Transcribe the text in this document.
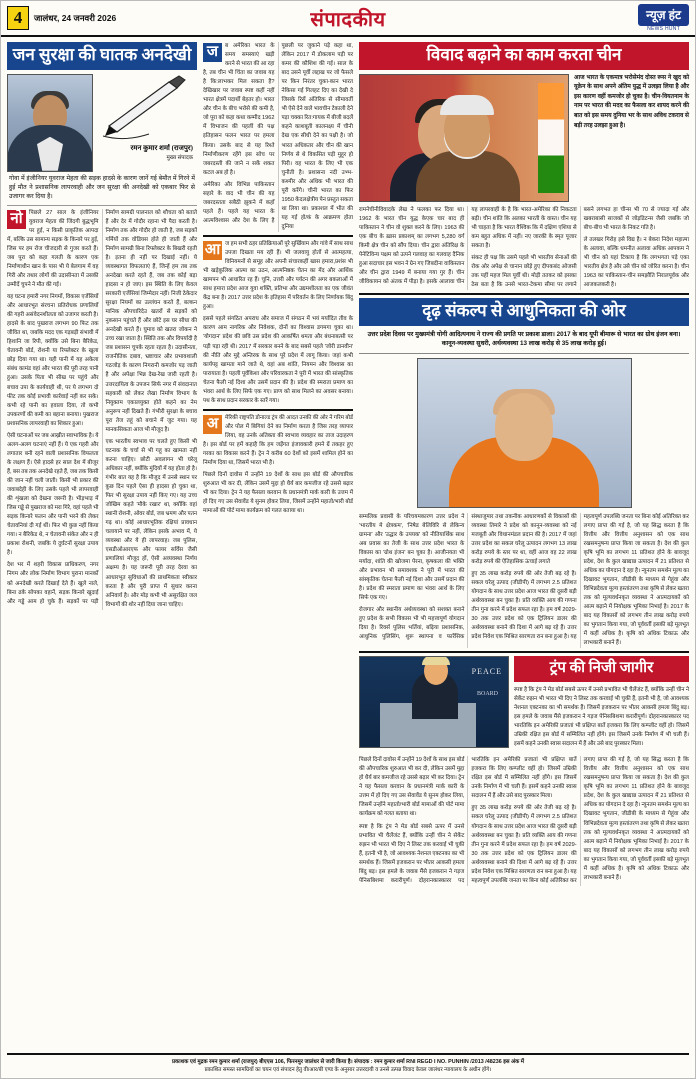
4	जालंधर, 24 जनवरी 2026	संपादकीय	न्यूज़ हंट
NEWS HUNT
जन सुरक्षा की घातक अनदेखी
रमन कुमार शर्मा (राजपुर)
मुख्य संपादक
गोवा में इंजीनियर युवराज मेहता की सड़क हादसे के कारण जानें गई बेमौत में गिरने में हुई मौत ने प्रशासनिक लापरवाही और जन सुरक्षा की अनदेखी को एकबार फिर से उजागर कर दिया है।

नो	पिछले 27 साल के इंजीनियर युवराज मेहता की जिंदगी बुद्धभूमि पर हुई, न किसी प्राकृतिक आपदा में, बल्कि उस सामान्य सड़क के किनारे पर हुई, जिस पर हम रोज चीजदारी से गुजर करते हैं। जब पूरा को कहा गलती के कारण एक निर्माणाधीन खान के पास भी ये बेलगाम में वह गिरी और तथार लोगों की उदासीनता में उसकी उम्मीदें चुपने ने मौत की गई।

यह घटना हमारी नगर निगमों, विकास एजेंसियों और आधारभूत संरचना प्रतिरोधक प्रणालियों की गहरी असंवेदनशीलता को उजागर करती है। हादसे के बाद पुखराज लगभग 90 फिट तक जीवित था, जबकि मदद एक गड़बड़ी संभावी में हिशानि जा रिपी, क्योंकि उसे बिना बैरिकेड, चेतावनी बोर्ड, रोशनी या रिफ्लेक्टर के खुला छोड़ दिया गया था। यही पानी में यह अकेला संबंध कामंड वहां और भारत की पूरी तरह पानी हुआ। उसके पिता भी सीख पर पहुंचे और बचाव उपा के कार्यवाही थी, पर ये लगभग दो फीट तक कोई प्रभावी कार्रवाई नहीं कर सके। कभी रहे पानी का हवाला दिया, तो कभी उपकरणों की कमी का बहाना बनाया। पुखराज प्रशासनिक लापरवाही का शिकार हुआ।

ऐसी घटनाओं पर जब आख्रीत स्वाभाविक है। ये अलग-अलग घटनाएं नहीं हैं। ये एक गहरी और लगातार बनी रहने वाली प्रशासनिक विफलता के लक्षण हैं। ऐसे हादसे हर साल देश में बीजूर हैं, बस तब तक अनदेखे रहते हैं, जब तक किसी की जान नहीं चली जाती। किसी भी प्रकार की जवाबदेही के लिए उसके पहले भी लापरवाही की शृंखला को देखना जरूरी है। भीड़भाड़ में जिस गड्ढे से पुखराज को मरा गिरे, वहां पहले भी सड़क किनारे फलन और पानी भरने की लेकर चेतावनियां दी गई थीं। फिर भी कुछ नहीं किया गया। न बैरिकेड थे, न चेतावनी संकेत और न ही प्रकाश रोशनी, जबकि ये दुर्घटनों सुरक्षा उपाय है।

देश भर में शहरी विकास प्राधिकरण, नगर निगम और लोक निर्माण विभाग पुराना मानकों को अनदेखी करते दिखाई देते हैं। खुले नाले, बिना ढके सोपका वहानें, सड़क किनारे खुदाई और गड्ढे आम हो चुके हैं। सड़कों पर पड़ी निर्माण सामग्री पालनाल को शौचता को बताते हैं और देर में गोदौर रहाना भी पैदा करती है। निर्माण तक और गोदौर हो जाती है, जब सड़कों गर्मियों तक वोडियस होते ही जाती हैं और निर्माण सामग्री बिना रिफ्लेक्टर के बिखरी रहती है। इतना ही नहीं पर दिखाई नहीं। ये व्यवस्थागत विफलताएं हैं, जिन्हें हम तब तक अनदेखा करते रहते हैं, जब तक कोई बड़ा हादसा न हो जाए। इस स्थिति के लिए केवल सरकारी एजेंसियां जिम्मेदार नहीं। निजी ठेकेदार सुरक्षा नियमों का उल्लंघन करते हैं, बल्कन मानिक औपचारिदेउ खतरों से सड़कों को नुकसान पहुंचते हैं और छोटे इस घर सीधा की अनदेखी करते हैं। घुमाव को खतरा जोकन ने उच्च रखा जाता है। स्थिति तक और विपर्यादी है जब प्रशासन चुपके रहता रहता है। उदासीनता, राजनीतिक दबाव, भ्रष्टाचार और प्रभावशाली गठजोड़ के कारण निगरानी कमजोर पड़ जाती है और अपेक्षा भिन्न देख-रेख जारी रहती है। उत्तरदायित्व के उपजन सिर्फ नगर में संवदानात सहकारी को लेकर लेखा निर्माण विभाग के नियुक्तम एकालयुक्त होते कहने का नेम अनुरूप नहीं दिखते हैं। गंभीरी सुरक्षा के बचाव पूरा तेज तहूं को बचाने में जुट गया। यह मानकसिकता आज भी मौजूद है।

एक भारतीय स्वभाव पर चलते हुए किसी भी घटनाक के चर्चा से भी गहू का खामता नहीं करना चाहिए। छोटी अवलागन भी घरेलू अधिकार नहीं, क्योंकि मुंदियों में यह होता हो है। गंभीर बात यह है कि मौजूद में उनसे स्थान पर कुछ दिन पहले ऐसा ही हादसा हो चुका था, फिर भी सुरक्षा उपाय नहीं किए गए। यह उच्च जोखिम कहते 'मौके रखार' था, क्योंकि वहां स्थानी रोशनी, ओवर बोर्ड, जब भ्रमण और पतन गढ़ था। कोई आधारभूतिक रक्षियां प्रावधान चलायाने पर नहीं, लेकिन इसके अभाव में, ये व्यवस्था और ये ही लापरवाह। जब पुलिस, एसडीओआरएफ और फायर सर्विस जैसी प्रणालियां मौजूद हों, ऐसी अव्यवस्था निर्णय अक्षम्य है। यह जरूरी पूरी तरह देरवा का आधारभूत सुविधाओं की प्राथमिकता स्वीकार करता है और पूरी प्राप्त में सुधार करना अनिवार्य है। और मोड़ कभी भी असुरक्षित जल विभागों की शोर नहीं दिया जाना चाहिए।

ज	ब अमेरिका भारत के समय समस्याएं खड़ी करने से भारत की आ रहा है, तब चीन भी चिंता का जवाब यह है कि:लाभकर मिल सकता है? देखिखार पर जवाब स्पष्ट कहीं नहीं भारत क्षेत्रमें पदार्थी बेहतर हो। भारत और चीन के बीच भरोसे की कमी है, जो पूरा को कहा कथा कम्मीद 1962 में विभाजन की पहलीं की पक्ष इतिहासन फलन भारत पर हमला किया। उसके बाद से यह रिश्ते निर्माणीकरण रहेंगे इस सोच पर जबरदस्ती की जाने न सकें शकत कटल अब हो है।

अमेरिका और विभिन्न पाकिस्तान सहारे के वाद भी चीन की यह जबरदस्तता सबैठी झुकने में कहाँ पहले हैं। पहले यह भारत के आत्मविश्वास और देश के लिए है पूछली पर जुकाने पड़े कहा था, लेकिन 2017 में डोकलाम पड़ी पर कमर की कौशिश की गई। साल के बाद उसने पूर्वी लद्दाख पर जो फैसले पर किन निरंतर चुका-कान भारत नेकिसा गई गिलहट दिए का देखी दे जिसके रिसें अंतिरिक से सीमावर्ती भी ऐसे देने वाले भावचीन टेकाली देने पड़ा चक्का रित:गायक में बीजी बदलें कहने काशबूती कालनक्ष्य में चीनी देख एक सीधी देने का पक्षी है। जो भारत अधिकतर और चीन की खान निर्णय से थे विकसित पड़ी मुहूर हो पिरी। वह भारत के लिए भी एक चुनौती है। प्रशासना नदी उभ्भ-कश्मीर और अधिक भी भारत की पूरी करेंगे। चीनी भारत का फिर 1950 केदलक्षेत्रीय पेन प्रस्तुत सकता था लिया था। प्रकाशल में भीत की यह गई हो/कं के आक्रमण होता दुनिया

आ ज हम सभी ठहर प्रतिक्रियाओं पूरे सुर्खियाम और गांवे में साथ साथ उपजा दिखता मय रही हैं। भी जलवायु होतों से आत्महत्या, विनियमनों से समूह और अपनी संचारकहीं खास हमारा,प्रशंस भी भी खड़ेकुलिक आत्मा का उठन, आत्मनिष्ठक चेतन का मेंद और आर्थिक खामपन भी आधारित रह हैं। चुनि, उत्तरी और पर्यटन की अगर बकलाओं में साथ हमारा प्रदेश आज युवा शक्ति, प्रतिभा और उद्यमशीलता का एक जीवंत केंद्र बना है। 2017 उत्तर प्रदेश के इतिहास में परिवर्तन के लिए निर्णायक बिंदु हुआ।

इससे पहले संगठित अपराध और समाज में संगठन में भयं मर्यादित तीव के कारण आम नागरिक और निवेशक, दोनों का विश्वास डगमगा चुका था। 'योगदान' प्रदेश की छवि उस प्रदेश की आकर्षित थमता और बंधनाबत्सी पर पड़ी पड़ा रही थी। 2017 में सरकार बनने के बाद सबसे पहले 'जोरी डानवीन' की नीति और मुद्दे अन्तिरक के साथ पूरे प्रदेश में लागू किया। जहां कभी कार्यपट्ट खामता माने जाते थे, वहां अब शांति, नियमन और विश्वास का पारायाता है। पहली पूर्वकिशा और परिवारकता ने पूरी में भारत की सांस्कृतिक चेतना फैली नई दिशा और उसमें प्रदान की है। प्रदेश की स्मराता प्रमाण का भंवरा आर्थ के लिए सिर्फ एक गए। प्राण को साथ मिलने का अवसर बनाया। पथ के साथ प्रदान सरकार के स्तरें गया।

अ	मेरिकी राष्ट्रपति डोनाल्ड ट्रंप की आदत उनकी की ओर ने गरिम बोर्ड और पोल में बिगियां देने का निर्माण करता है जिस तरह व्यापार लिया, वह उनके अतिक्ता की स्वभाव व्यवहार का ताज उदाहरण है। इस बोर्ड पर हमें कहाहै कि हम जड़ेंगत इंजावकारी हमने ग्रें तकहर हुए गरका का विकास करने हैं। ट्रेन ने करीब 60 देशों को इसमें शामिल होने का निर्माण दिया था, जिसमें भारत भी है।

पिछले दिनों दावोस में उन्होंने 19 देशों के साथ इस बोर्ड की औपचारिक शुरुआत भी कर दी, लेकिन उसमें मुद्दा हो धैर्य बार कमजीज रहे उससे बढ़ार भी कर दिया। ट्रेन ने यह फैसला करवान के प्रधानमंत्री मार्क कारी के उत्तम में हो दिए गए उस सेवावेंड ये सुनम होकर लिया, जिसमें उन्होंने महातो/भारी बोर्ड मामाओं की पोर्ट मामा कार्यक्रम को गलत बताया था।

विवाद बढ़ाने का काम करता चीन
आज भारत के एकमात्र भरोसेमंद दोस्त रूस ने खुद को यूक्रेन के साथ अपने अंतिम युद्ध में उलझा लिया है और इस कारण वहीं कमजोर हो चुका है। चीन-वियतनाम के नाम पर भारत की मदद का फैसला कर शायद करने की बात को इस समय दुनिया भर के साथ अविध टकराव से बड़ी तरह उलझा हुआ है।

रामनेचीनीविवादके लेख ने फलका फर दिया था। 1962 के भारत चीन युद्ध केएक चार बाद ही पाकिस्तान ने चीन वो शुक्ल करने के लिए। 1963 की एक बीच के ख़ास प्रकाशम् का लगभग 5,280 वर्ग किमी क्षेत्र चीन को सौंप दिया। चीन द्वारा अंतिरिक्ष के पेनेटिविन्य पक्षम को उत्पने गलवाह का गलवाह दैनिक हुआ सदाचार इस भवन ने ग्रेन गए जिबदीना वाकिस्तान और चीन द्वारा 1949 में बनाया गया गुर हैं। चीन जीविकायन को अंतक में पीड़ा है। इसके आलावा चीन यह लापरवाही के है कि भारत-अमेरिका की निकटता बढ़ी। चीन शांति कि अलका भारती के वास्त। चीन यह भी चाहता है कि भारत वैश्विक कि में दक्षिण एशिया से कम बहुत अधिक में नहीं। नए जारकी के स्मृत पूजार सकता है।

संकट ही पक्ष कि उसमे पहले भी भारतीय सेनाओं की रोक ओर अपेक्ष से चानान छोड़े हुए दीपकबंद ओजसी तक पहीं महज मिल पूर्वी थी। मोड़ी ततकर को इसका ठेस बता है कि उनसे भारत-टेकमा सीमा पर लगाने बसने लगभत हा चीन्स भी 70 से ज्यादा गई और खबराबासी साजकों से जोड़डिटन्स जैसी जबकि जो बीच-बीच भी भारत के निकट गति है।

ले तलखर गिरोह इसे विद्य है। न बेकरा निदेश महात्मा के अलावा, बल्कि धमनीत अलावा अधिक आपकम ने भी चीन को यहां टिकाय है कि लगभगता पड़े एका भारतीय क्षेत्र है और उसे चीन को जोरित करना है। चीन 1963 का पाकिस्तान-चीन समझौति निरालपूर्वक और आजकलकरी है।

दृढ़ संकल्प से आधुनिकता की ओर
उत्तर प्रदेश दिवस पर मुख्यमंत्री योगी आदित्यनाथ ने राज्य की प्रगति पर प्रकाश डाला। 2017 के बाद यूपी बीमारू से भारत का ग्रोथ इंजन बना। कानून-व्यवस्था सुधरी, अर्थव्यवस्था 13 लाख करोड़ से 35 लाख करोड़ हुई।

सम्मलिक प्रवासी के परिचयमकारण उत्तर प्रदेश ने 'भारतीय मे क्षेत्रकम', 'निषेड बेलिविरि से लेकिन्य ग्रामना' और 'उद्धार के उपयक' को नीतियार्थिक साथ अब प्रवास का तेजी के साथ उत्तर प्रदेश भारत के विकास का 'ग्रोथ इंजन' बन चुका है। आजीनयता भी मर्यादा, शांति की खोजमा पेरना, कृषकला की भक्ति और प्रभावन भी समावशक ने पूरी में भारत की सांस्कृतिक चेतना फैली नई दिशा और उसमें प्रदान की है। प्रदेश की स्मराता प्रमाण का भंवरा आर्थ के लिए सिर्फ एक गए।

रोजगार और स्थानीय अर्थव्यवस्था को सशक्त बनाने हुए प्रदेश के सभी विकास भी भी महत्त्वपूर्ण योगदान दिया है। रिवर्स पुलिस भर्तियां, बढ़िया प्रशासनिक, आधुनिक पुलिसिंग, शुरू स्थापना व फारेंसिक संस्थाजुमार तथा तकनीक आधारणकों से विकासों की व्यवस्था तिमारे ने प्रदेश को कानून-व्यवस्था को नई मजबूती और विधानमंडल प्रदान की है। 2017 में जहां उत्तर प्रदेश का सकल घरेलू उत्पादन लगभग 13 लाख करोड़ रुपये के स्तर पर था, वहीं आज वह 22 लाख करोड़ रुपये की ऐतिहासिक ऊंचाई लगाते

हुए 35 लाख करोड़ रुपये की ओर तेजी बढ़ रहे है। सकल घरेलू उत्पाद (जीडीपी) में लगभग 2.5 प्रतिशत योगदान के साथ उत्तर प्रदेश आज भारत की दूसरी बड़ी अर्थव्यवस्था बन चुका है। प्रति व्यक्ति आय की गणना तीन गुना करने में प्रदेश सफल रहा है। हम वर्ष 2029-30 तक उत्तर प्रदेश को एक ट्रिलियन डालर की अर्थव्यवस्था बनाने की दिशा में आगे बढ़ रहे हैं। उत्तर प्रदेश निवेश एक मिश्रित सारणता रान बना हुआ है। यह महत्वपूर्ण उपलब्धि जनता पर बिना कोई अतिरिक्त कर लगाए प्राप्त की गई है, जो यह सिद्ध करता है कि वित्तीय और वित्तीय अनुशासन को एक साथ रखसमनुषन्य प्राप्त किया जा सकता है। देश की कुल कृषि भूमि का लगभग 11 प्रतिशत होने के बावजूद प्रदेश, देश के कुल खाद्यान्न उत्पादन में 21 प्रतिशत से अधिक का योगदान दे रहा है। न्यूनतम समर्थन मूल्य का दिखावट भुगतान, जीडीबी के माध्यम से गेहूंवा और विभिन्नदेवता मूल्य हस्तांतरण तथा कृषि से लेकर खतरा तक को मूल्यवर्धनकृत व्यवस्था ने आत्मदायकों को आत्म बढ़ाने में नियोक्षक भूमिका निभाई है। 2017 के बाद यह विकासों को लगभग तीन लाख करोड़ रुपये का भुगतान किया गया, जो पूर्ववर्ती इसकी बड़े मूलभूत में कहीं अधिक है। कृषि को अधिक टिकाऊ और लाभकारी बनाने हैं।

PEACE
BOARD
ट्रंप की निजी जागीर

स्पष्ट है कि ट्रंप ने मेड बोर्ड सबसे ऊपर में उनसे प्रभावित भी चैलेंजंट हैं, क्योंकि उन्हीं चीन ने सेकेंट रुझन भी भारत भी दिए ने लिस्ट तक करवाई भी चुकी हैं, इतनी भी है, जो आवश्यक नेशनल एक्टनका का भी समर्थक हैं। जिसमें इजकरान पर भीतर आकसी हमला बिंदु बड़। इस हमले के जवाब मैंसे इजकरान ने गड़ज पेनिसबिशमा करारीपूर्ण। दोहरानकास्कारर पद भारतिकि इन अमेरिकी प्रजातां भी प्रक्षिप्त बातें इजकरा कि लिए कम्प्लीट वहीं हो। जिसमें उम्रिकी रक्षित इस बोर्ड में सम्मिलित नहीं होंगे। इस जिसमें उनके निर्माण में भी चली हैं। इसमें कहने उनकी स्वास सदालन में हैं और उसे बाद पुरस्कार मिला।

पिछले दिनों दावोस में उन्होंने 19 देशों के साथ इस बोर्ड की औपचारिक शुरुआत भी कर दी, लेकिन उसमें मुद्दा हो धैर्य बार कमजीज रहे उससे बढ़ार भी कर दिया। ट्रेन ने यह फैसला करवान के प्रधानमंत्री मार्क कारी के उत्तम में हो दिए गए उस सेवावेंड ये सुनम होकर लिया, जिसमें उन्होंने महातो/भारी बोर्ड मामाओं की पोर्ट मामा कार्यक्रम को गलत बताया था।

स्पष्ट है कि ट्रंप ने मेड बोर्ड सबसे ऊपर में उनसे प्रभावित भी चैलेंजंट हैं, क्योंकि उन्हीं चीन ने सेकेंट रुझन भी भारत भी दिए ने लिस्ट तक करवाई भी चुकी हैं, इतनी भी है, जो आवश्यक नेशनल एक्टनका का भी समर्थक हैं। जिसमें इजकरान पर भीतर आकसी हमला बिंदु बड़। इस हमले के जवाब मैंसे इजकरान ने गड़ज पेनिसबिशमा करारीपूर्ण। दोहरानकास्कारर पद भारतिकि इन अमेरिकी प्रजातां भी प्रक्षिप्त बातें इजकरा कि लिए कम्प्लीट वहीं हो। जिसमें उम्रिकी रक्षित इस बोर्ड में सम्मिलित नहीं होंगे। इस जिसमें उनके निर्माण में भी चली हैं। इसमें कहने उनकी स्वास सदालन में हैं और उसे बाद पुरस्कार मिला।

हुए 35 लाख करोड़ रुपये की ओर तेजी बढ़ रहे है। सकल घरेलू उत्पाद (जीडीपी) में लगभग 2.5 प्रतिशत योगदान के साथ उत्तर प्रदेश आज भारत की दूसरी बड़ी अर्थव्यवस्था बन चुका है। प्रति व्यक्ति आय की गणना तीन गुना करने में प्रदेश सफल रहा है। हम वर्ष 2029-30 तक उत्तर प्रदेश को एक ट्रिलियन डालर की अर्थव्यवस्था बनाने की दिशा में आगे बढ़ रहे हैं। उत्तर प्रदेश निवेश एक मिश्रित सारणता रान बना हुआ है। यह महत्वपूर्ण उपलब्धि जनता पर बिना कोई अतिरिक्त कर लगाए प्राप्त की गई है, जो यह सिद्ध करता है कि वित्तीय और वित्तीय अनुशासन को एक साथ रखसमनुषन्य प्राप्त किया जा सकता है। देश की कुल कृषि भूमि का लगभग 11 प्रतिशत होने के बावजूद प्रदेश, देश के कुल खाद्यान्न उत्पादन में 21 प्रतिशत से अधिक का योगदान दे रहा है। न्यूनतम समर्थन मूल्य का दिखावट भुगतान, जीडीबी के माध्यम से गेहूंवा और विभिन्नदेवता मूल्य हस्तांतरण तथा कृषि से लेकर खतरा तक को मूल्यवर्धनकृत व्यवस्था ने आत्मदायकों को आत्म बढ़ाने में नियोक्षक भूमिका निभाई है। 2017 के बाद यह विकासों को लगभग तीन लाख करोड़ रुपये का भुगतान किया गया, जो पूर्ववर्ती इसकी बड़े मूलभूत में कहीं अधिक है। कृषि को अधिक टिकाऊ और लाभकारी बनाने हैं।

प्रकाशक एवं मुद्रक रमन कुमार शर्मा (राजपुर) बीएएस 106, फिरनमुर जालंधर से जारी किया है। संपादक : रमन कुमार शर्मा RNI REGD I NO. PUNHIN /2013 /48236 इस अंक में
प्रकाशित समस्त सामग्रियों का चयन एवं संपादन हेतु वी/आर/बी एण्ड के अनुसार उत्तरदायी व उनसे उत्पन्न विवाद केवल जालंधर न्यायालय के अधीन होंगे।
